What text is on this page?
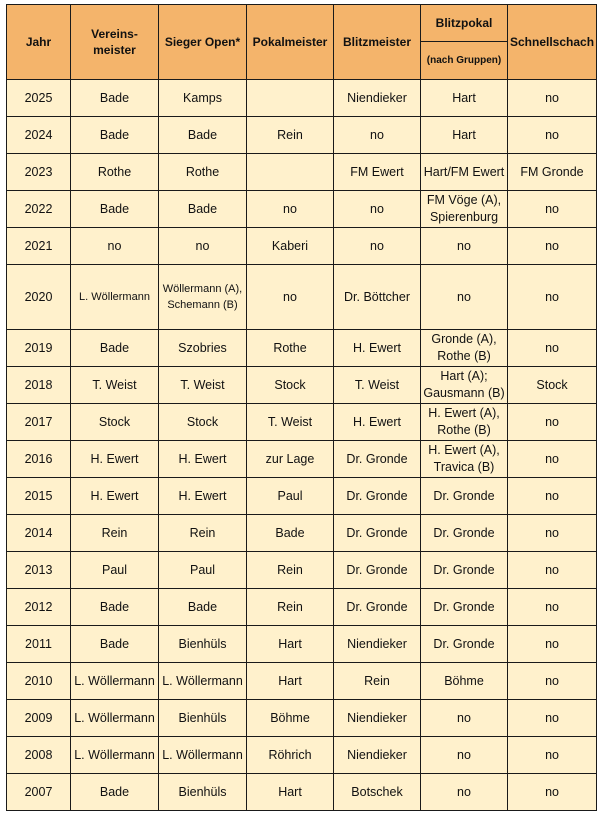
Jahr	Vereins-meister	Sieger Open*	Pokalmeister	Blitzmeister	Blitzpokal	Schnellschach
					(nach Gruppen)	
2025	Bade	Kamps		Niendieker	Hart	no
2024	Bade	Bade	Rein	no	Hart	no
2023	Rothe	Rothe		FM Ewert	Hart/FM Ewert	FM Gronde
2022	Bade	Bade	no	no	FM Vöge (A), Spierenburg	no
2021	no	no	Kaberi	no	no	no
2020	L. Wöllermann	Wöllermann (A), Schemann (B)	no	Dr. Böttcher	no	no
2019	Bade	Szobries	Rothe	H. Ewert	Gronde (A), Rothe (B)	no
2018	T. Weist	T. Weist	Stock	T. Weist	Hart (A); Gausmann (B)	Stock
2017	Stock	Stock	T. Weist	H. Ewert	H. Ewert (A), Rothe (B)	no
2016	H. Ewert	H. Ewert	zur Lage	Dr. Gronde	H. Ewert (A), Travica (B)	no
2015	H. Ewert	H. Ewert	Paul	Dr. Gronde	Dr. Gronde	no
2014	Rein	Rein	Bade	Dr. Gronde	Dr. Gronde	no
2013	Paul	Paul	Rein	Dr. Gronde	Dr. Gronde	no
2012	Bade	Bade	Rein	Dr. Gronde	Dr. Gronde	no
2011	Bade	Bienhüls	Hart	Niendieker	Dr. Gronde	no
2010	L. Wöllermann	L. Wöllermann	Hart	Rein	Böhme	no
2009	L. Wöllermann	Bienhüls	Böhme	Niendieker	no	no
2008	L. Wöllermann	L. Wöllermann	Röhrich	Niendieker	no	no
2007	Bade	Bienhüls	Hart	Botschek	no	no
